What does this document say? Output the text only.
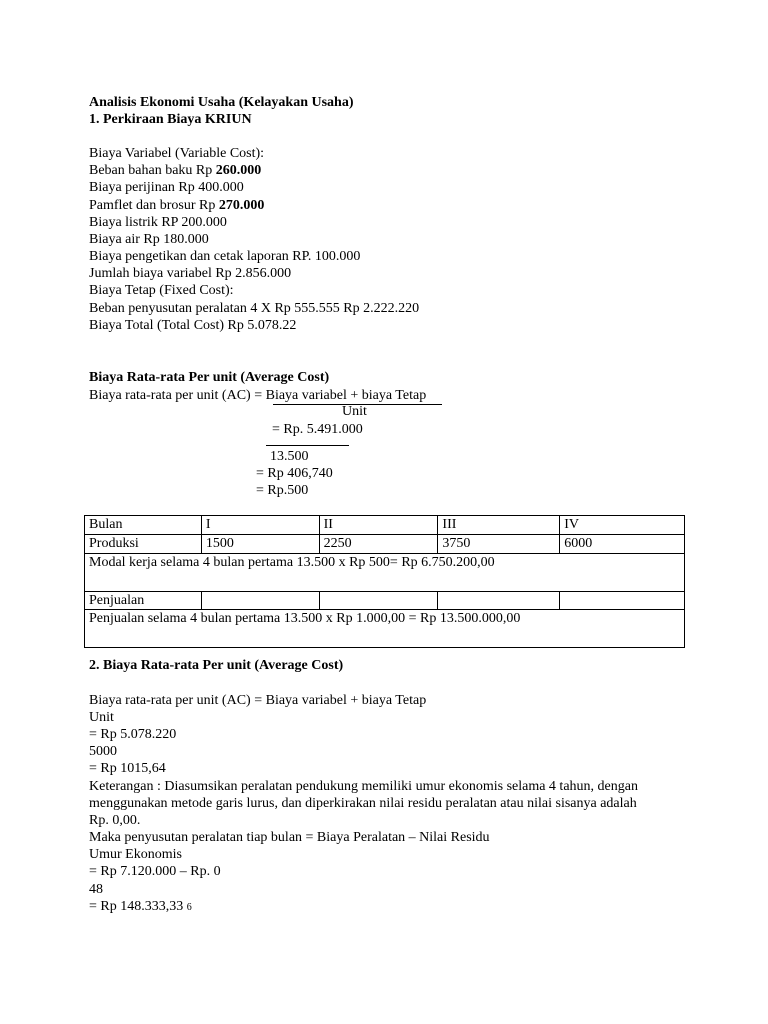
Analisis Ekonomi Usaha (Kelayakan Usaha)
1. Perkiraan Biaya KRIUN
Biaya Variabel (Variable Cost):
Beban bahan baku Rp 260.000
Biaya perijinan Rp 400.000
Pamflet dan brosur Rp 270.000
Biaya listrik RP 200.000
Biaya air Rp 180.000
Biaya pengetikan dan cetak laporan RP. 100.000
Jumlah biaya variabel Rp 2.856.000
Biaya Tetap (Fixed Cost):
Beban penyusutan peralatan 4 X Rp 555.555 Rp 2.222.220
Biaya Total (Total Cost) Rp 5.078.22
Biaya Rata-rata Per unit (Average Cost)
Biaya rata-rata per unit (AC) = Biaya variabel + biaya Tetap
Unit
= Rp. 5.491.000
13.500
= Rp 406,740
= Rp.500
Bulan	I	II	III	IV
Produksi	1500	2250	3750	6000
Modal kerja selama 4 bulan pertama 13.500 x Rp 500= Rp 6.750.200,00				
Penjualan				
Penjualan selama 4 bulan pertama 13.500 x Rp 1.000,00 = Rp 13.500.000,00				
2. Biaya Rata-rata Per unit (Average Cost)
Biaya rata-rata per unit (AC) = Biaya variabel + biaya Tetap
Unit
= Rp 5.078.220
5000
= Rp 1015,64
Keterangan : Diasumsikan peralatan pendukung memiliki umur ekonomis selama 4 tahun, dengan
menggunakan metode garis lurus, dan diperkirakan nilai residu peralatan atau nilai sisanya adalah
Rp. 0,00.
Maka penyusutan peralatan tiap bulan = Biaya Peralatan – Nilai Residu
Umur Ekonomis
= Rp 7.120.000 – Rp. 0
48
= Rp 148.333,33 6
